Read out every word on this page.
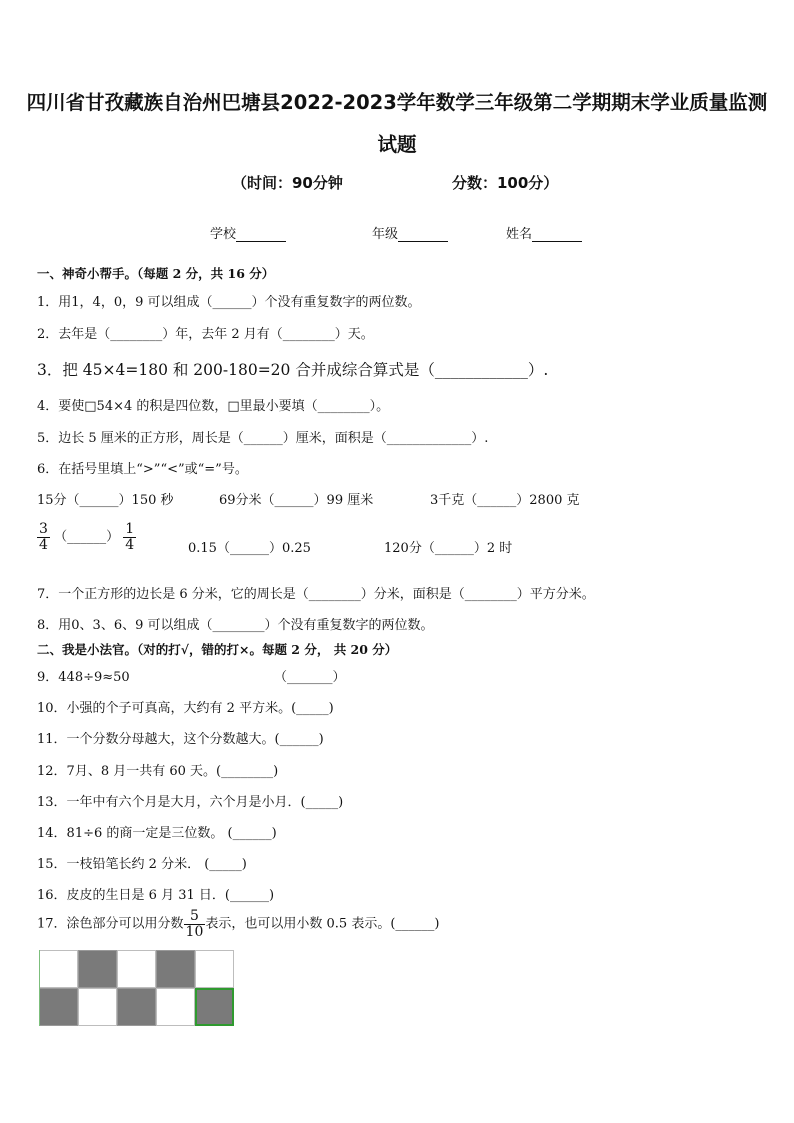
四川省甘孜藏族自治州巴塘县2022-2023学年数学三年级第二学期期末学业质量监测
试题
（时间：90分钟	分数：100分）
学校	年级	姓名
一、神奇小帮手。（每题 2 分，共 16 分）
1．用1，4，0，9 可以组成（______）个没有重复数字的两位数。
2．去年是（________）年，去年 2 月有（________）天。
3．把 45×4=180 和 200-180=20 合并成综合算式是（____________）.
4．要使□54×4 的积是四位数，□里最小要填（________）。
5．边长 5 厘米的正方形，周长是（______）厘米，面积是（_____________）.
6．在括号里填上“>”“<”或“=”号。
15分（______）150 秒	69分米（______）99 厘米	3千克（______）2800 克
$\frac{3}{4}$ （______） $\frac{1}{4}$	0.15（______）0.25	120分（______）2 时
7．一个正方形的边长是 6 分米，它的周长是（________）分米，面积是（________）平方分米。
8．用0、3、6、9 可以组成（________）个没有重复数字的两位数。
二、我是小法官。（对的打√，错的打×。每题 2 分， 共 20 分）
9．448÷9≈50	（_______）
10．小强的个子可真高，大约有 2 平方米。(_____)
11．一个分数分母越大，这个分数越大。(______)
12．7月、8 月一共有 60 天。(________)
13．一年中有六个月是大月，六个月是小月．(_____)
14．81÷6 的商一定是三位数。 (______)
15．一枝铅笔长约 2 分米． (_____)
16．皮皮的生日是 6 月 31 日．(______)
17．涂色部分可以用分数 $\frac{5}{10}$ 表示，也可以用小数 0.5 表示。(______)
